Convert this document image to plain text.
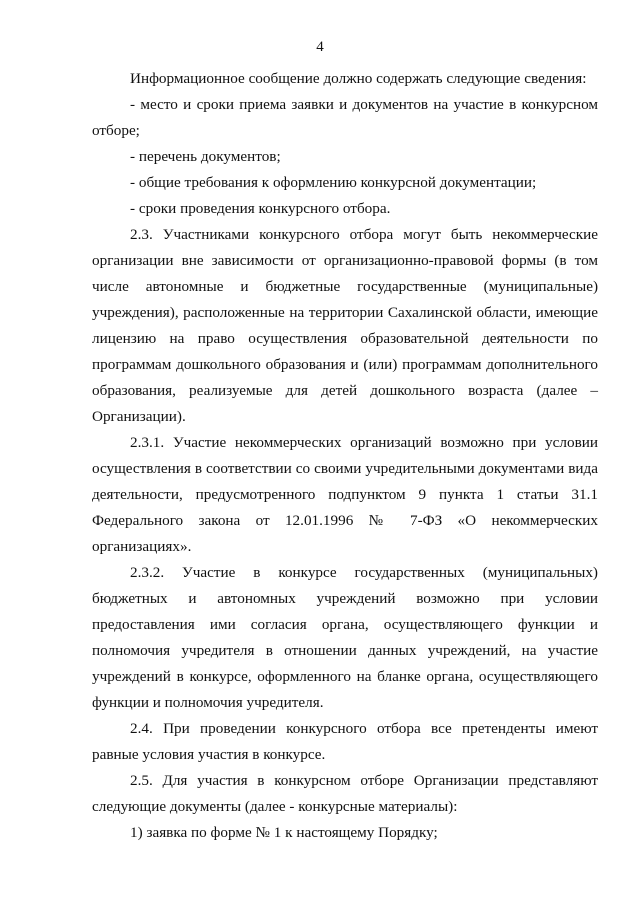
4

Информационное сообщение должно содержать следующие сведения:

- место и сроки приема заявки и документов на участие в конкурсном отборе;

- перечень документов;

- общие требования к оформлению конкурсной документации;

- сроки проведения конкурсного отбора.

2.3. Участниками конкурсного отбора могут быть некоммерческие организации вне зависимости от организационно-правовой формы (в том числе автономные и бюджетные государственные (муниципальные) учреждения), расположенные на территории Сахалинской области, имеющие лицензию на право осуществления образовательной деятельности по программам дошкольного образования и (или) программам дополнительного образования, реализуемые для детей дошкольного возраста (далее – Организации).

2.3.1. Участие некоммерческих организаций возможно при условии осуществления в соответствии со своими учредительными документами вида деятельности, предусмотренного подпунктом 9 пункта 1 статьи 31.1 Федерального закона от 12.01.1996 № 7-ФЗ «О некоммерческих организациях».

2.3.2. Участие в конкурсе государственных (муниципальных) бюджетных и автономных учреждений возможно при условии предоставления ими согласия органа, осуществляющего функции и полномочия учредителя в отношении данных учреждений, на участие учреждений в конкурсе, оформленного на бланке органа, осуществляющего функции и полномочия учредителя.

2.4. При проведении конкурсного отбора все претенденты имеют равные условия участия в конкурсе.

2.5. Для участия в конкурсном отборе Организации представляют следующие документы (далее - конкурсные материалы):

1) заявка по форме № 1 к настоящему Порядку;
